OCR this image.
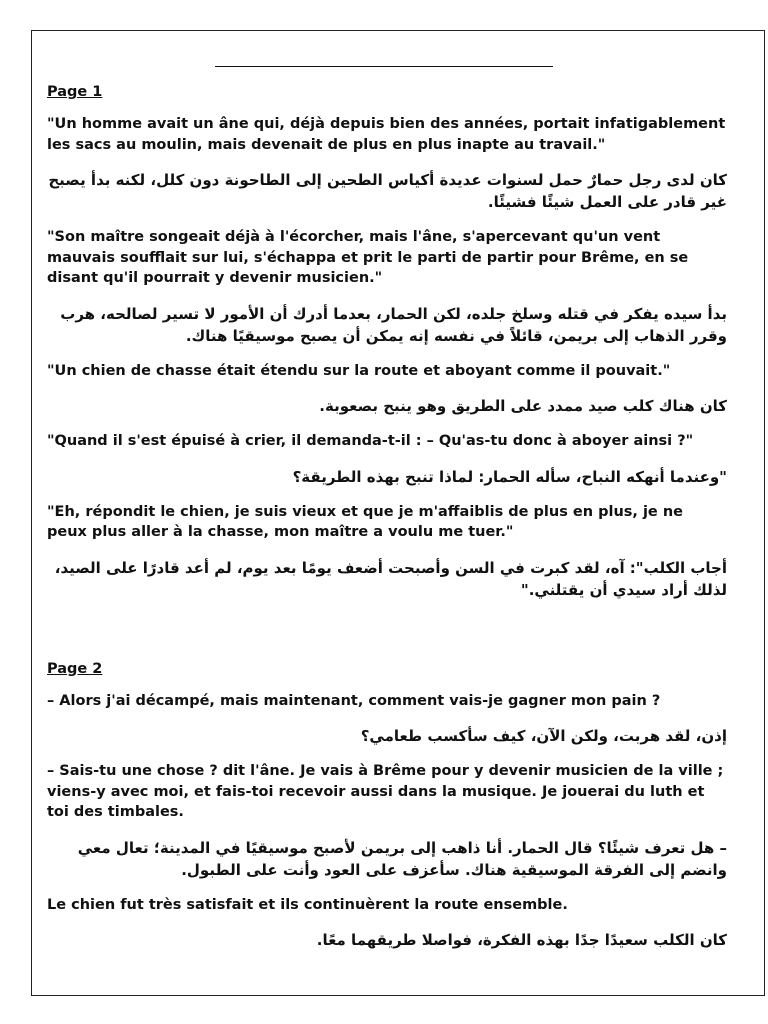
Page 1

"Un homme avait un âne qui, déjà depuis bien des années, portait infatigablement les sacs au moulin, mais devenait de plus en plus inapte au travail."

كان لدى رجل حمارٌ حمل لسنوات عديدة أكياس الطحين إلى الطاحونة دون كلل، لكنه بدأ يصبح غير قادر على العمل شيئًا فشيئًا.

"Son maître songeait déjà à l'écorcher, mais l'âne, s'apercevant qu'un vent mauvais soufflait sur lui, s'échappa et prit le parti de partir pour Brême, en se disant qu'il pourrait y devenir musicien."

بدأ سيده يفكر في قتله وسلخ جلده، لكن الحمار، بعدما أدرك أن الأمور لا تسير لصالحه، هرب وقرر الذهاب إلى بريمن، قائلاً في نفسه إنه يمكن أن يصبح موسيقيًا هناك.

"Un chien de chasse était étendu sur la route et aboyant comme il pouvait."

كان هناك كلب صيد ممدد على الطريق وهو ينبح بصعوبة.

"Quand il s'est épuisé à crier, il demanda-t-il : – Qu'as-tu donc à aboyer ainsi ?"

"وعندما أنهكه النباح، سأله الحمار: لماذا تنبح بهذه الطريقة؟

"Eh, répondit le chien, je suis vieux et que je m'affaiblis de plus en plus, je ne peux plus aller à la chasse, mon maître a voulu me tuer."

أجاب الكلب": آه، لقد كبرت في السن وأصبحت أضعف يومًا بعد يوم، لم أعد قادرًا على الصيد، لذلك أراد سيدي أن يقتلني."

Page 2

– Alors j'ai décampé, mais maintenant, comment vais-je gagner mon pain ?

إذن، لقد هربت، ولكن الآن، كيف سأكسب طعامي؟

– Sais-tu une chose ? dit l'âne. Je vais à Brême pour y devenir musicien de la ville ; viens-y avec moi, et fais-toi recevoir aussi dans la musique. Je jouerai du luth et toi des timbales.

– هل تعرف شيئًا؟ قال الحمار. أنا ذاهب إلى بريمن لأصبح موسيقيًا في المدينة؛ تعال معي وانضم إلى الفرقة الموسيقية هناك. سأعزف على العود وأنت على الطبول.

Le chien fut très satisfait et ils continuèrent la route ensemble.

كان الكلب سعيدًا جدًا بهذه الفكرة، فواصلا طريقهما معًا.
